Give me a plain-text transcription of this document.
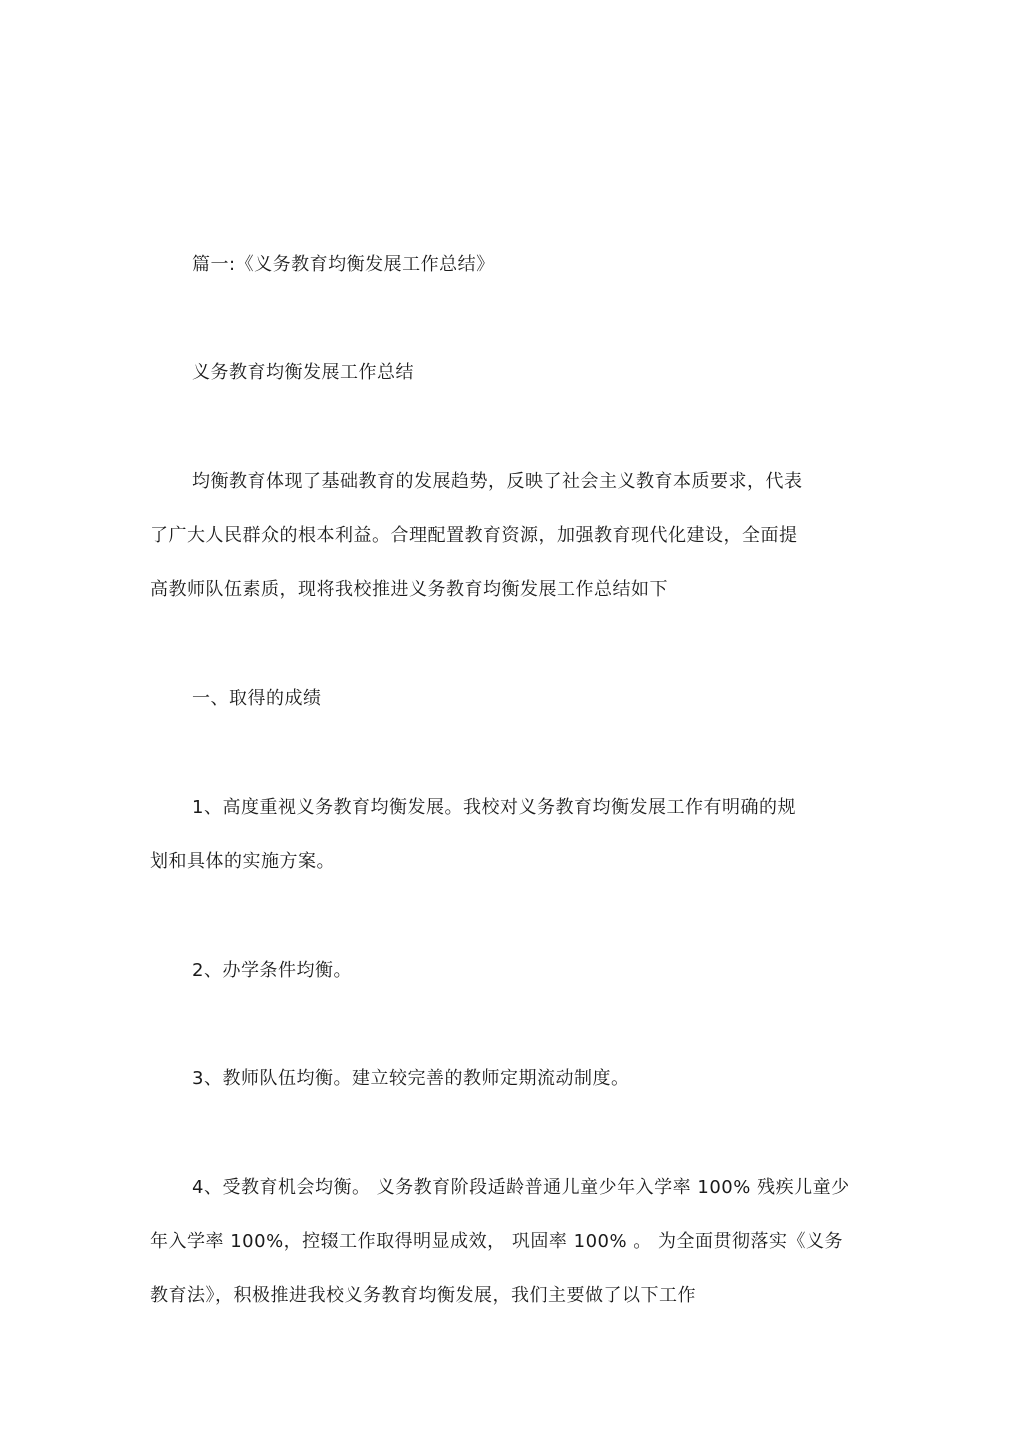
篇一:《义务教育均衡发展工作总结》
义务教育均衡发展工作总结
均衡教育体现了基础教育的发展趋势，反映了社会主义教育本质要求，代表
了广大人民群众的根本利益。合理配置教育资源，加强教育现代化建设，全面提
高教师队伍素质，现将我校推进义务教育均衡发展工作总结如下
一、取得的成绩
1、高度重视义务教育均衡发展。我校对义务教育均衡发展工作有明确的规
划和具体的实施方案。
2、办学条件均衡。
3、教师队伍均衡。建立较完善的教师定期流动制度。
4、受教育机会均衡。 义务教育阶段适龄普通儿童少年入学率 100% 残疾儿童少
年入学率 100%，控辍工作取得明显成效， 巩固率 100% 。 为全面贯彻落实《义务
教育法》，积极推进我校义务教育均衡发展，我们主要做了以下工作
